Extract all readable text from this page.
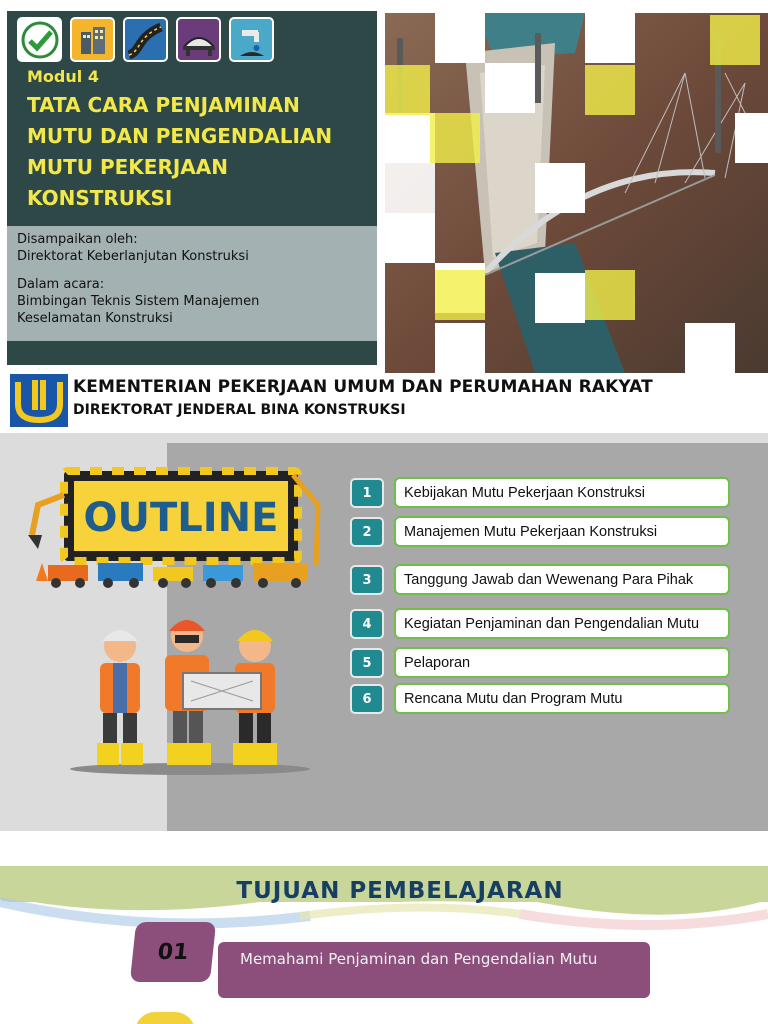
Modul 4
TATA CARA PENJAMINAN MUTU DAN PENGENDALIAN MUTU PEKERJAAN KONSTRUKSI
Disampaikan oleh:
Direktorat Keberlanjutan Konstruksi
Dalam acara:
Bimbingan Teknis Sistem Manajemen Keselamatan Konstruksi
KEMENTERIAN PEKERJAAN UMUM DAN PERUMAHAN RAKYAT
DIREKTORAT JENDERAL BINA KONSTRUKSI
OUTLINE
1	Kebijakan Mutu Pekerjaan Konstruksi
2	Manajemen Mutu Pekerjaan Konstruksi
3	Tanggung Jawab dan Wewenang Para Pihak
4	Kegiatan Penjaminan dan Pengendalian Mutu
5	Pelaporan
6	Rencana Mutu dan Program Mutu
TUJUAN PEMBELAJARAN
01	Memahami Penjaminan dan Pengendalian Mutu
